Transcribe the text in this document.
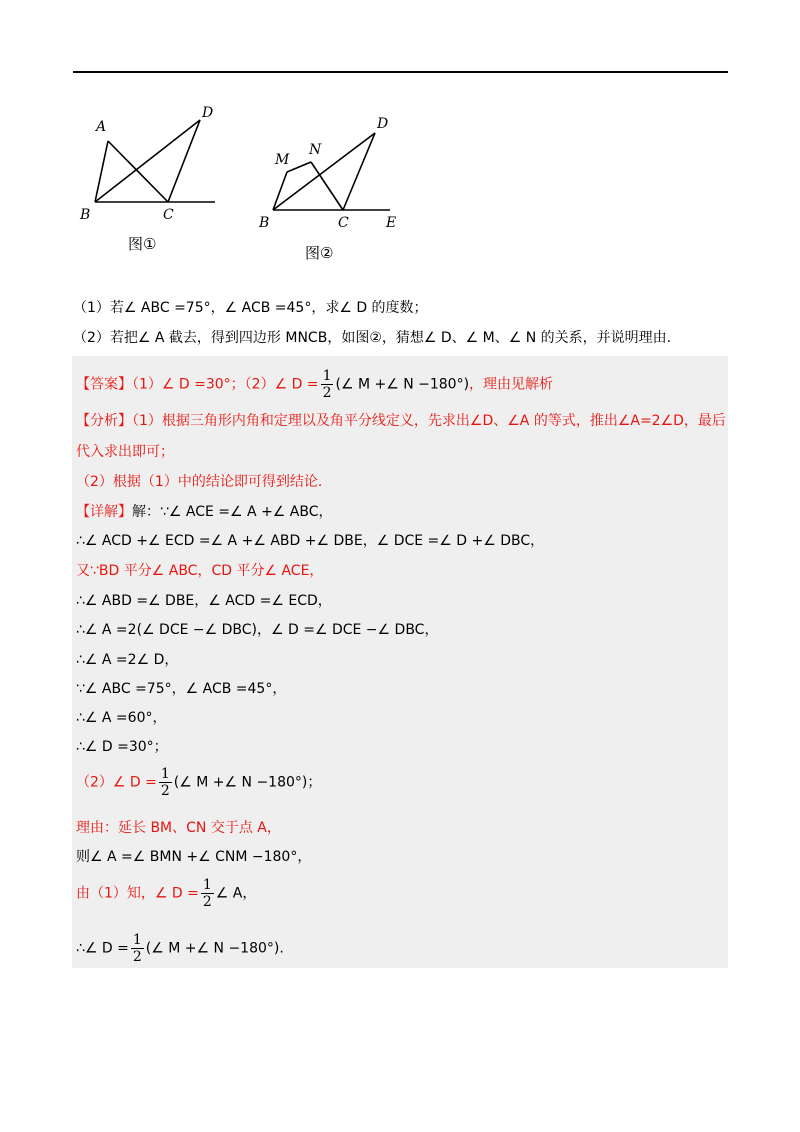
A
B	C
D
M
N
B	C
D
E
图①	图②
（1）若∠ ABC =75°，∠ ACB =45°，求∠ D 的度数；
（2）若把∠ A 截去，得到四边形 MNCB，如图②，猜想∠ D、∠ M、∠ N 的关系，并说明理由.
【答案】（1）∠ D =30°；（2）∠ $D = \frac{1}{2}$ (∠ M +∠ N −180°)，理由见解析
【分析】（1）根据三角形内角和定理以及角平分线定义，先求出∠D、∠A 的等式，推出∠A=2∠D，最后
代入求出即可；
（2）根据（1）中的结论即可得到结论.
【详解】解：∵∠ ACE =∠ A +∠ ABC，
∴∠ ACD +∠ ECD =∠ A +∠ ABD +∠ DBE，∠ DCE =∠ D +∠ DBC，
又∵BD 平分∠ ABC，CD 平分∠ ACE，
∴∠ ABD =∠ DBE，∠ ACD =∠ ECD，
∴∠ A =2(∠ DCE −∠ DBC)，∠ D =∠ DCE −∠ DBC，
∴∠ A =2∠ D，
∵∠ ABC =75°，∠ ACB =45°，
∴∠ A =60°，
∴∠ D =30°；
（2）∠ $D = \frac{1}{2}$ (∠ M +∠ N −180°)；
理由：延长 BM、CN 交于点 A，
则∠ A =∠ BMN +∠ CNM −180°，
由（1）知，∠ $D = \frac{1}{2}$ ∠ A，
∴∠ $D = \frac{1}{2}$ (∠ M +∠ N −180°).
